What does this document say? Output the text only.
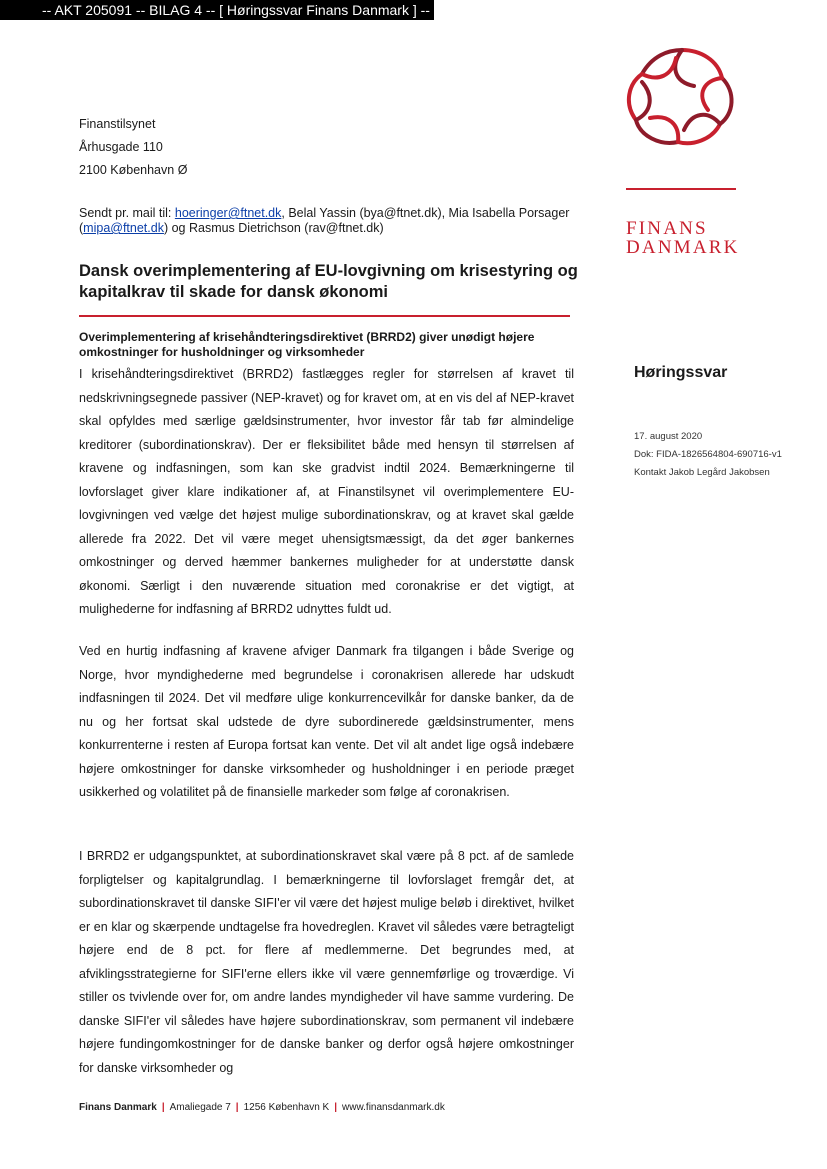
-- AKT 205091 -- BILAG 4 -- [ Høringssvar Finans Danmark ] --
FINANS
DANMARK
Høringssvar
17. august 2020
Dok: FIDA-1826564804-690716-v1
Kontakt Jakob Legård Jakobsen
Finanstilsynet
Århusgade 110
2100 København Ø
Sendt pr. mail til: hoeringer@ftnet.dk, Belal Yassin (bya@ftnet.dk), Mia Isabella Porsager (mipa@ftnet.dk) og Rasmus Dietrichson (rav@ftnet.dk)
Dansk overimplementering af EU-lovgivning om krisestyring og kapitalkrav til skade for dansk økonomi
Overimplementering af krisehåndteringsdirektivet (BRRD2) giver unødigt højere omkostninger for husholdninger og virksomheder
I krisehåndteringsdirektivet (BRRD2) fastlægges regler for størrelsen af kravet til nedskrivningsegnede passiver (NEP-kravet) og for kravet om, at en vis del af NEP-kravet skal opfyldes med særlige gældsinstrumenter, hvor investor får tab før almindelige kreditorer (subordinationskrav). Der er fleksibilitet både med hensyn til størrelsen af kravene og indfasningen, som kan ske gradvist indtil 2024. Bemærkningerne til lovforslaget giver klare indikationer af, at Finanstilsynet vil overimplementere EU-lovgivningen ved vælge det højest mulige subordinationskrav, og at kravet skal gælde allerede fra 2022. Det vil være meget uhensigtsmæssigt, da det øger bankernes omkostninger og derved hæmmer bankernes muligheder for at understøtte dansk økonomi. Særligt i den nuværende situation med coronakrise er det vigtigt, at mulighederne for indfasning af BRRD2 udnyttes fuldt ud.
Ved en hurtig indfasning af kravene afviger Danmark fra tilgangen i både Sverige og Norge, hvor myndighederne med begrundelse i coronakrisen allerede har udskudt indfasningen til 2024. Det vil medføre ulige konkurrencevilkår for danske banker, da de nu og her fortsat skal udstede de dyre subordinerede gældsinstrumenter, mens konkurrenterne i resten af Europa fortsat kan vente. Det vil alt andet lige også indebære højere omkostninger for danske virksomheder og husholdninger i en periode præget usikkerhed og volatilitet på de finansielle markeder som følge af coronakrisen.
I BRRD2 er udgangspunktet, at subordinationskravet skal være på 8 pct. af de samlede forpligtelser og kapitalgrundlag. I bemærkningerne til lovforslaget fremgår det, at subordinationskravet til danske SIFI'er vil være det højest mulige beløb i direktivet, hvilket er en klar og skærpende undtagelse fra hovedreglen. Kravet vil således være betragteligt højere end de 8 pct. for flere af medlemmerne. Det begrundes med, at afviklingsstrategierne for SIFI'erne ellers ikke vil være gennemførlige og troværdige. Vi stiller os tvivlende over for, om andre landes myndigheder vil have samme vurdering. De danske SIFI'er vil således have højere subordinationskrav, som permanent vil indebære højere fundingomkostninger for de danske banker og derfor også højere omkostninger for danske virksomheder og
Finans Danmark | Amaliegade 7 | 1256 København K | www.finansdanmark.dk
